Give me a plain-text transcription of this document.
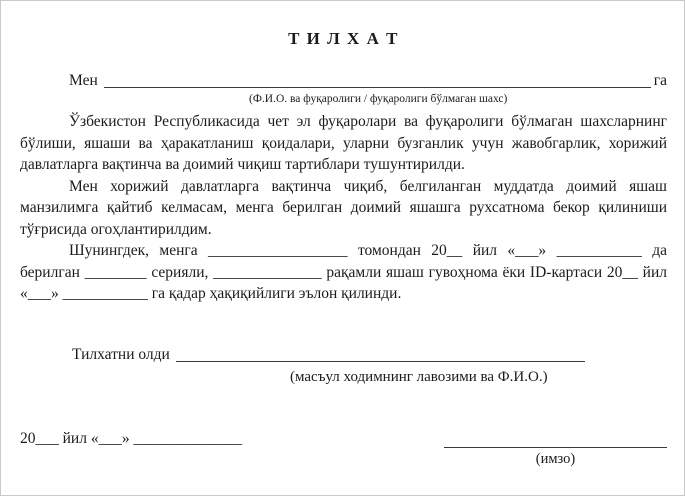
Т И Л Х А Т
Мен	га
(Ф.И.О. ва фуқаролиги / фуқаролиги бўлмаган шахс)

Ўзбекистон Республикасида чет эл фуқаролари ва фуқаролиги бўлмаган шахсларнинг бўлиши, яшаши ва ҳаракатланиш қоидалари, уларни бузганлик учун жавобгарлик, хорижий давлатларга вақтинча ва доимий чиқиш тартиблари тушунтирилди.

Мен хорижий давлатларга вақтинча чиқиб, белгиланган муддатда доимий яшаш манзилимга қайтиб келмасам, менга берилган доимий яшашга рухсатнома бекор қилиниши тўғрисида огоҳлантирилдим.

Шунингдек, менга __________________ томондан 20__ йил «___» ___________ да берилган ________ серияли, ______________ рақамли яшаш гувоҳнома ёки ID-картаси 20__ йил «___» ___________ га қадар ҳақиқийлиги эълон қилинди.

Тилхатни олди
(масъул ходимнинг лавозими ва Ф.И.О.)
20___ йил «___» ______________
(имзо)
